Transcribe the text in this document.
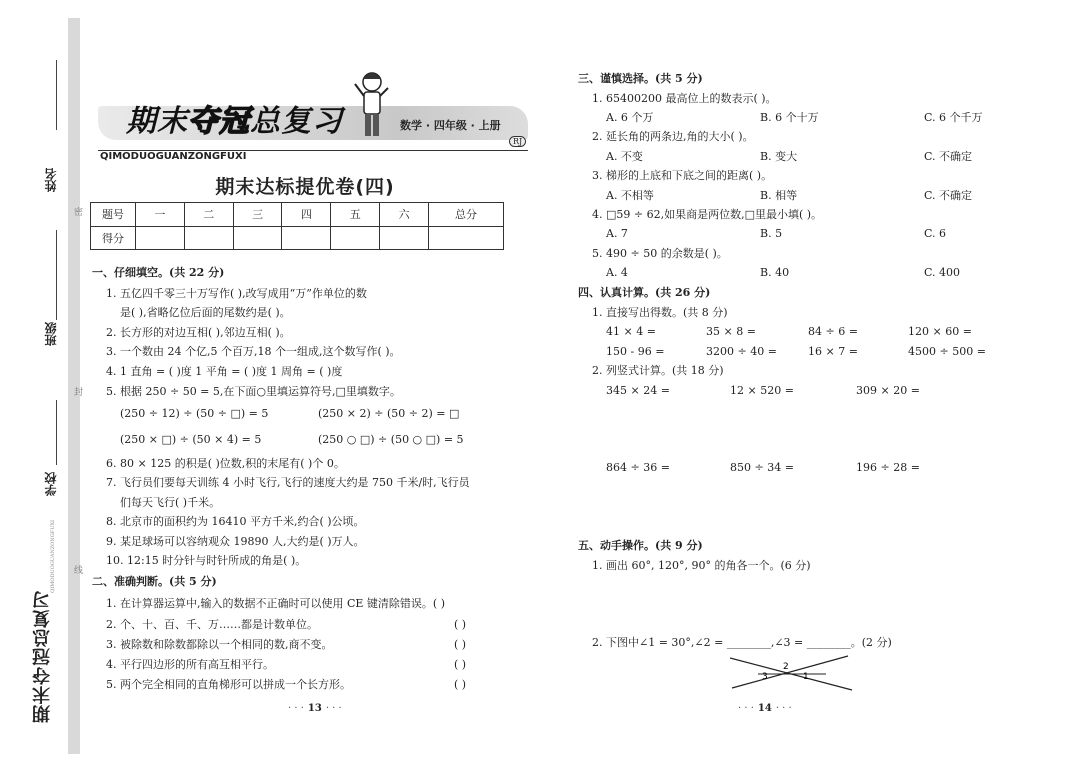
姓名
班级
学校
密
封
线
QIMODUOGUANZONGFUXI
期末夺冠总复习
期末夺冠总复习	数学 · 四年级 · 上册
RJ
QIMODUOGUANZONGFUXI
期末达标提优卷(四)
题号	一	二	三	四	五	六	总分
得分							
一、仔细填空。(共 22 分)
1. 五亿四千零三十万写作( ),改写成用“万”作单位的数
是( ),省略亿位后面的尾数约是( )。
2. 长方形的对边互相( ),邻边互相( )。
3. 一个数由 24 个亿,5 个百万,18 个一组成,这个数写作( )。
4. 1 直角 = ( )度 1 平角 = ( )度 1 周角 = ( )度
5. 根据 250 ÷ 50 = 5,在下面○里填运算符号,□里填数字。
(250 ÷ 12) ÷ (50 ÷ □) = 5	(250 × 2) ÷ (50 ÷ 2) = □
(250 × □) ÷ (50 × 4) = 5	(250 ○ □) ÷ (50 ○ □) = 5
6. 80 × 125 的积是( )位数,积的末尾有( )个 0。
7. 飞行员们要每天训练 4 小时飞行,飞行的速度大约是 750 千米/时,飞行员
们每天飞行( )千米。
8. 北京市的面积约为 16410 平方千米,约合( )公顷。
9. 某足球场可以容纳观众 19890 人,大约是( )万人。
10. 12:15 时分针与时针所成的角是( )。
二、准确判断。(共 5 分)
1. 在计算器运算中,输入的数据不正确时可以使用 CE 键清除错误。( )
2. 个、十、百、千、万……都是计数单位。	( )
3. 被除数和除数都除以一个相同的数,商不变。	( )
4. 平行四边形的所有高互相平行。	( )
5. 两个完全相同的直角梯形可以拼成一个长方形。	( )
· · · 13 · · ·
三、谨慎选择。(共 5 分)
1. 65400200 最高位上的数表示( )。
A. 6 个万	B. 6 个十万	C. 6 个千万
2. 延长角的两条边,角的大小( )。
A. 不变	B. 变大	C. 不确定
3. 梯形的上底和下底之间的距离( )。
A. 不相等	B. 相等	C. 不确定
4. □59 ÷ 62,如果商是两位数,□里最小填( )。
A. 7	B. 5	C. 6
5. 490 ÷ 50 的余数是( )。
A. 4	B. 40	C. 400
四、认真计算。(共 26 分)
1. 直接写出得数。(共 8 分)
41 × 4 =	35 × 8 =	84 ÷ 6 =	120 × 60 =
150 - 96 =	3200 ÷ 40 =	16 × 7 =	4500 ÷ 500 =
2. 列竖式计算。(共 18 分)
345 × 24 =	12 × 520 =	309 × 20 =
864 ÷ 36 =	850 ÷ 34 =	196 ÷ 28 =
五、动手操作。(共 9 分)
1. 画出 60°, 120°, 90° 的角各一个。(6 分)
2. 下图中∠1 = 30°,∠2 = ________,∠3 = ________。(2 分)
3
2
1
· · · 14 · · ·
